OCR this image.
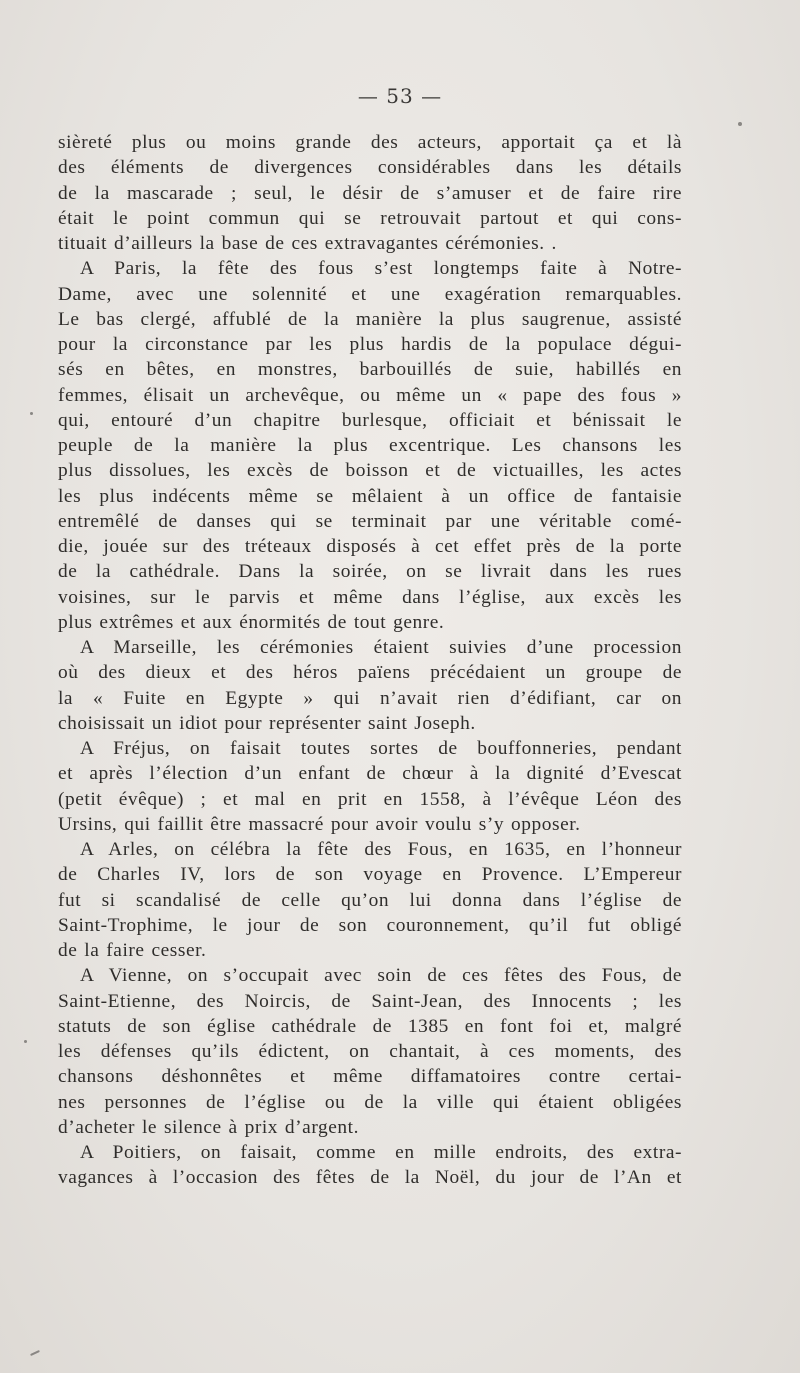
— 53 —
sièreté plus ou moins grande des acteurs, apportait ça et là
des éléments de divergences considérables dans les détails
de la mascarade ; seul, le désir de s’amuser et de faire rire
était le point commun qui se retrouvait partout et qui cons-
tituait d’ailleurs la base de ces extravagantes cérémonies. .
A Paris, la fête des fous s’est longtemps faite à Notre-
Dame, avec une solennité et une exagération remarquables.
Le bas clergé, affublé de la manière la plus saugrenue, assisté
pour la circonstance par les plus hardis de la populace dégui-
sés en bêtes, en monstres, barbouillés de suie, habillés en
femmes, élisait un archevêque, ou même un « pape des fous »
qui, entouré d’un chapitre burlesque, officiait et bénissait le
peuple de la manière la plus excentrique. Les chansons les
plus dissolues, les excès de boisson et de victuailles, les actes
les plus indécents même se mêlaient à un office de fantaisie
entremêlé de danses qui se terminait par une véritable comé-
die, jouée sur des tréteaux disposés à cet effet près de la porte
de la cathédrale. Dans la soirée, on se livrait dans les rues
voisines, sur le parvis et même dans l’église, aux excès les
plus extrêmes et aux énormités de tout genre.
A Marseille, les cérémonies étaient suivies d’une procession
où des dieux et des héros païens précédaient un groupe de
la « Fuite en Egypte » qui n’avait rien d’édifiant, car on
choisissait un idiot pour représenter saint Joseph.
A Fréjus, on faisait toutes sortes de bouffonneries, pendant
et après l’élection d’un enfant de chœur à la dignité d’Evescat
(petit évêque) ; et mal en prit en 1558, à l’évêque Léon des
Ursins, qui faillit être massacré pour avoir voulu s’y opposer.
A Arles, on célébra la fête des Fous, en 1635, en l’honneur
de Charles IV, lors de son voyage en Provence. L’Empereur
fut si scandalisé de celle qu’on lui donna dans l’église de
Saint-Trophime, le jour de son couronnement, qu’il fut obligé
de la faire cesser.
A Vienne, on s’occupait avec soin de ces fêtes des Fous, de
Saint-Etienne, des Noircis, de Saint-Jean, des Innocents ; les
statuts de son église cathédrale de 1385 en font foi et, malgré
les défenses qu’ils édictent, on chantait, à ces moments, des
chansons déshonnêtes et même diffamatoires contre certai-
nes personnes de l’église ou de la ville qui étaient obligées
d’acheter le silence à prix d’argent.
A Poitiers, on faisait, comme en mille endroits, des extra-
vagances à l’occasion des fêtes de la Noël, du jour de l’An et
